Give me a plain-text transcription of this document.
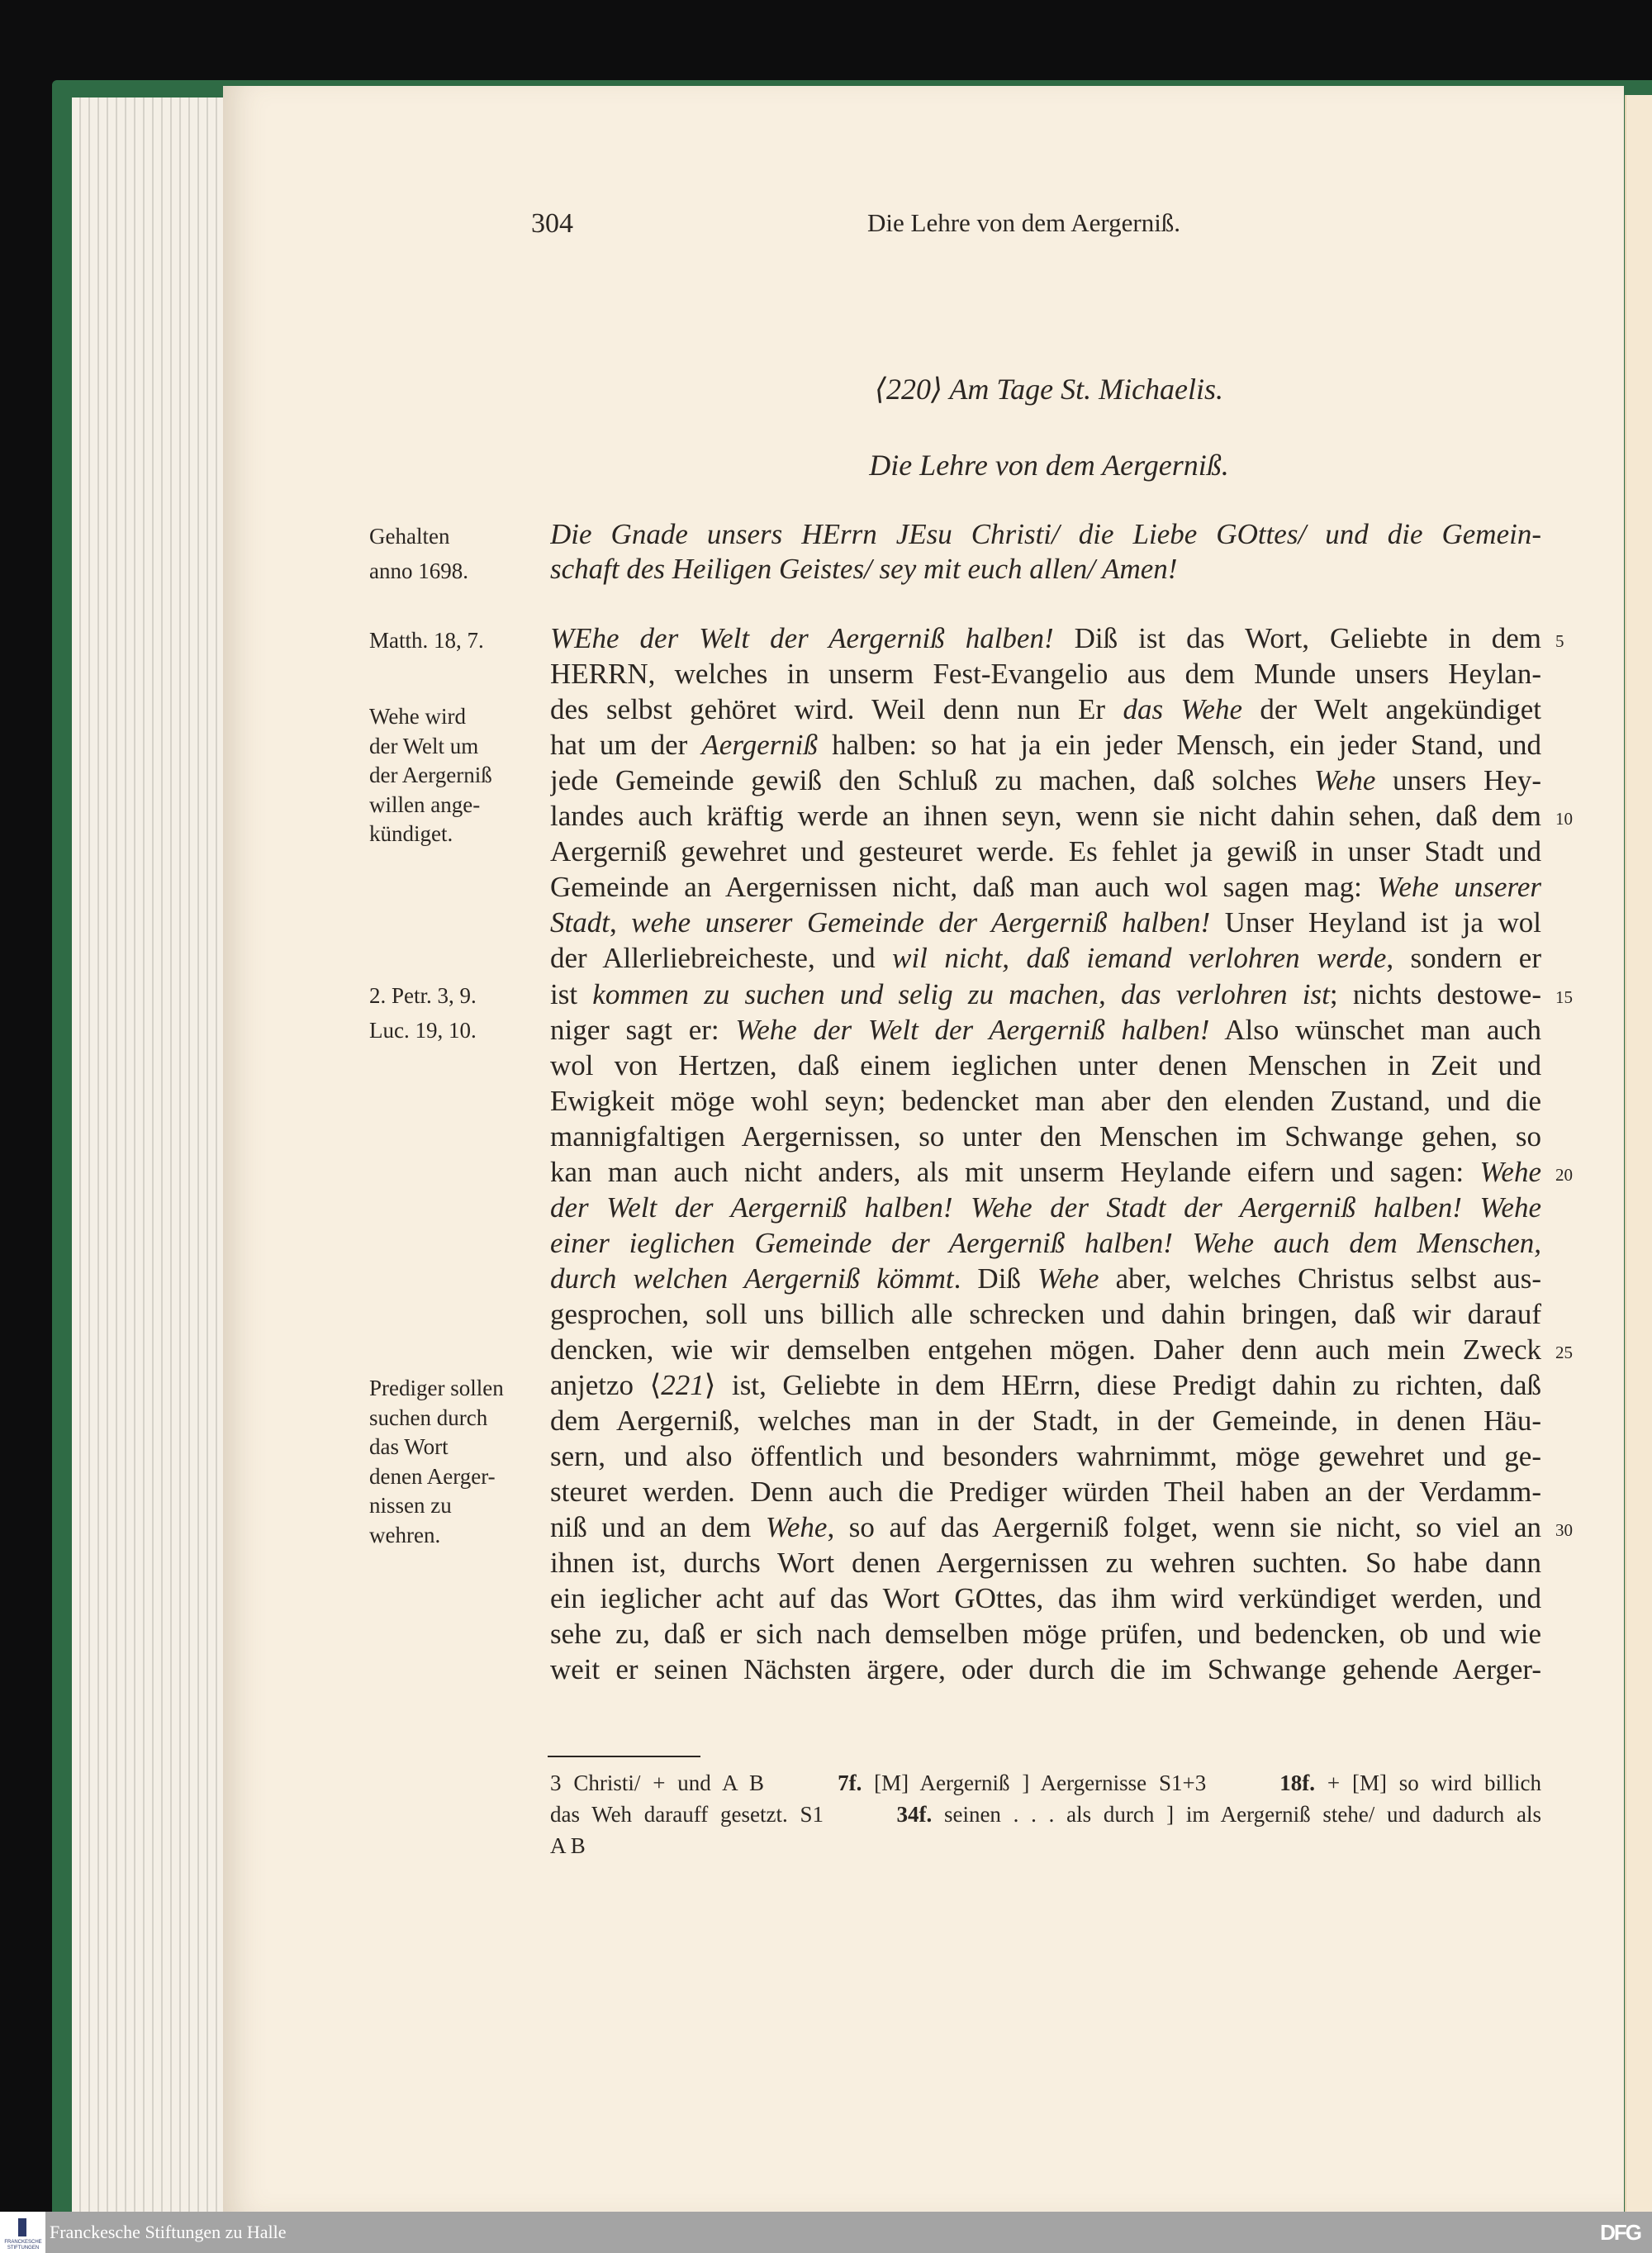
304	Die Lehre von dem Aergerniß.
⟨220⟩ Am Tage St. Michaelis.
Die Lehre von dem Aergerniß.
Die Gnade unsers HErrn JEsu Christi/ die Liebe GOttes/ und die Gemein-
schaft des Heiligen Geistes/ sey mit euch allen/ Amen!
WEhe der Welt der Aergerniß halben! Diß ist das Wort, Geliebte in dem
HERRN, welches in unserm Fest-Evangelio aus dem Munde unsers Heylan-
des selbst gehöret wird. Weil denn nun Er das Wehe der Welt angekündiget
hat um der Aergerniß halben: so hat ja ein jeder Mensch, ein jeder Stand, und
jede Gemeinde gewiß den Schluß zu machen, daß solches Wehe unsers Hey-
landes auch kräftig werde an ihnen seyn, wenn sie nicht dahin sehen, daß dem
Aergerniß gewehret und gesteuret werde. Es fehlet ja gewiß in unser Stadt und
Gemeinde an Aergernissen nicht, daß man auch wol sagen mag: Wehe unserer
Stadt, wehe unserer Gemeinde der Aergerniß halben! Unser Heyland ist ja wol
der Allerliebreicheste, und wil nicht, daß iemand verlohren werde, sondern er
ist kommen zu suchen und selig zu machen, das verlohren ist; nichts destowe-
niger sagt er: Wehe der Welt der Aergerniß halben! Also wünschet man auch
wol von Hertzen, daß einem ieglichen unter denen Menschen in Zeit und
Ewigkeit möge wohl seyn; bedencket man aber den elenden Zustand, und die
mannigfaltigen Aergernissen, so unter den Menschen im Schwange gehen, so
kan man auch nicht anders, als mit unserm Heylande eifern und sagen: Wehe
der Welt der Aergerniß halben! Wehe der Stadt der Aergerniß halben! Wehe
einer ieglichen Gemeinde der Aergerniß halben! Wehe auch dem Menschen,
durch welchen Aergerniß kömmt. Diß Wehe aber, welches Christus selbst aus-
gesprochen, soll uns billich alle schrecken und dahin bringen, daß wir darauf
dencken, wie wir demselben entgehen mögen. Daher denn auch mein Zweck
anjetzo ⟨221⟩ ist, Geliebte in dem HErrn, diese Predigt dahin zu richten, daß
dem Aergerniß, welches man in der Stadt, in der Gemeinde, in denen Häu-
sern, und also öffentlich und besonders wahrnimmt, möge gewehret und ge-
steuret werden. Denn auch die Prediger würden Theil haben an der Verdamm-
niß und an dem Wehe, so auf das Aergerniß folget, wenn sie nicht, so viel an
ihnen ist, durchs Wort denen Aergernissen zu wehren suchten. So habe dann
ein ieglicher acht auf das Wort GOttes, das ihm wird verkündiget werden, und
sehe zu, daß er sich nach demselben möge prüfen, und bedencken, ob und wie
weit er seinen Nächsten ärgere, oder durch die im Schwange gehende Aerger-
5
10
15
20
25
30
Gehalten
anno 1698.
Matth. 18, 7.
Wehe wird
der Welt um
der Aergerniß
willen ange-
kündiget.
2. Petr. 3, 9.
Luc. 19, 10.
Prediger sollen
suchen durch
das Wort
denen Aerger-
nissen zu
wehren.
3 Christi/ + und A B      7f. [M] Aergerniß ] Aergernisse S1+3      18f. + [M] so wird billich
das Weh darauff gesetzt. S1      34f. seinen . . . als durch ] im Aergerniß stehe/ und dadurch als
A B
FRANCKESCHE STIFTUNGEN
Franckesche Stiftungen zu Halle	DFG
